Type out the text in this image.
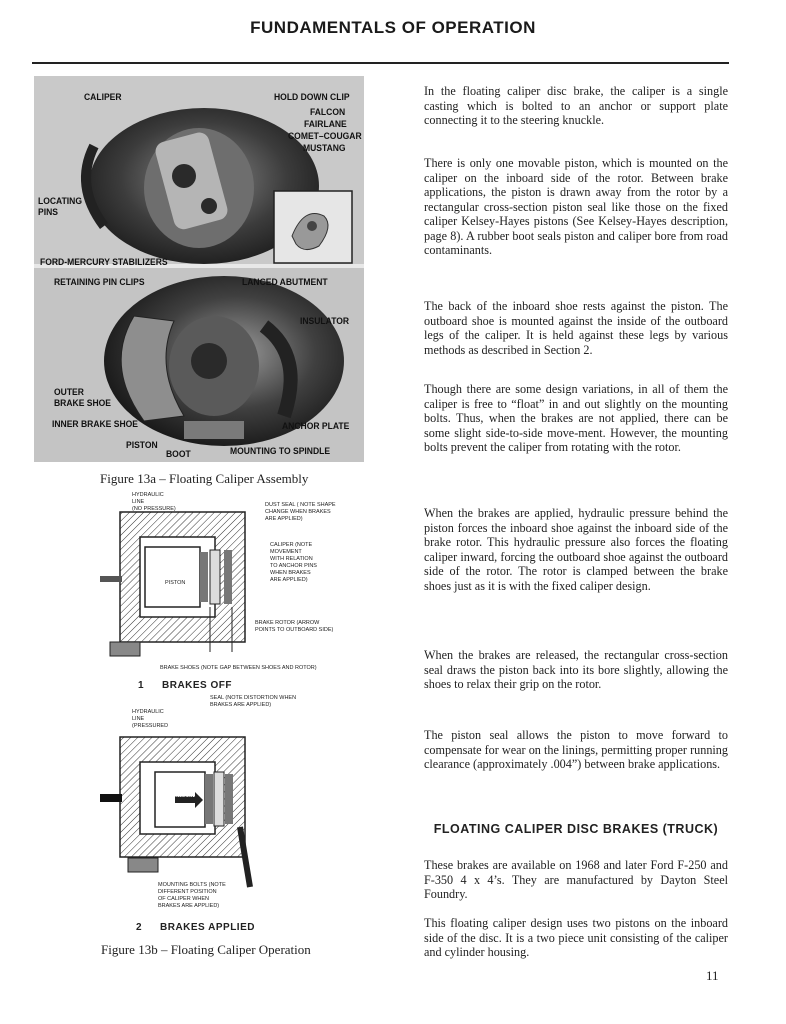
FUNDAMENTALS OF OPERATION
CALIPER	HOLD DOWN CLIP
FALCON
FAIRLANE
COMET–COUGAR
MUSTANG
LOCATING
PINS
FORD-MERCURY STABILIZERS
RETAINING PIN CLIPS	LANCED ABUTMENT
INSULATOR
OUTER
BRAKE SHOE
INNER BRAKE SHOE	ANCHOR PLATE
PISTON
BOOT	MOUNTING TO SPINDLE
Figure 13a – Floating Caliper Assembly
HYDRAULIC
LINE
(NO PRESSURE)
DUST SEAL ( NOTE SHAPE
CHANGE WHEN BRAKES
ARE APPLIED)
CALIPER (NOTE
MOVEMENT
WITH RELATION
TO ANCHOR PINS
WHEN BRAKES
ARE APPLIED)
PISTON
BRAKE ROTOR (ARROW
POINTS TO OUTBOARD SIDE)
BRAKE SHOES (NOTE GAP BETWEEN SHOES AND ROTOR)
1 BRAKES OFF
SEAL (NOTE DISTORTION WHEN
BRAKES ARE APPLIED)
HYDRAULIC
LINE
(PRESSURED
PISTON
MOUNTING BOLTS (NOTE
DIFFERENT POSITION
OF CALIPER WHEN
BRAKES ARE APPLIED)
2 BRAKES APPLIED
Figure 13b – Floating Caliper Operation
In the floating caliper disc brake, the caliper is a single casting which is bolted to an anchor or support plate connecting it to the steering knuckle.
There is only one movable piston, which is mounted on the caliper on the inboard side of the rotor. Between brake applications, the piston is drawn away from the rotor by a rectangular cross-section piston seal like those on the fixed caliper Kelsey-Hayes pistons (See Kelsey-Hayes description, page 8). A rubber boot seals piston and caliper bore from road contaminants.
The back of the inboard shoe rests against the piston. The outboard shoe is mounted against the inside of the outboard legs of the caliper. It is held against these legs by various methods as described in Section 2.
Though there are some design variations, in all of them the caliper is free to “float” in and out slightly on the mounting bolts. Thus, when the brakes are not applied, there can be some slight side-to-side move-ment. However, the mounting bolts prevent the caliper from rotating with the rotor.
When the brakes are applied, hydraulic pressure behind the piston forces the inboard shoe against the inboard side of the brake rotor. This hydraulic pressure also forces the floating caliper inward, forcing the outboard shoe against the outboard side of the rotor. The rotor is clamped between the brake shoes just as it is with the fixed caliper design.
When the brakes are released, the rectangular cross-section seal draws the piston back into its bore slightly, allowing the shoes to relax their grip on the rotor.
The piston seal allows the piston to move forward to compensate for wear on the linings, permitting proper running clearance (approximately .004”) between brake applications.
FLOATING CALIPER DISC BRAKES (TRUCK)
These brakes are available on 1968 and later Ford F-250 and F-350 4 x 4’s. They are manufactured by Dayton Steel Foundry.
This floating caliper design uses two pistons on the inboard side of the disc. It is a two piece unit consisting of the caliper and cylinder housing.
11
